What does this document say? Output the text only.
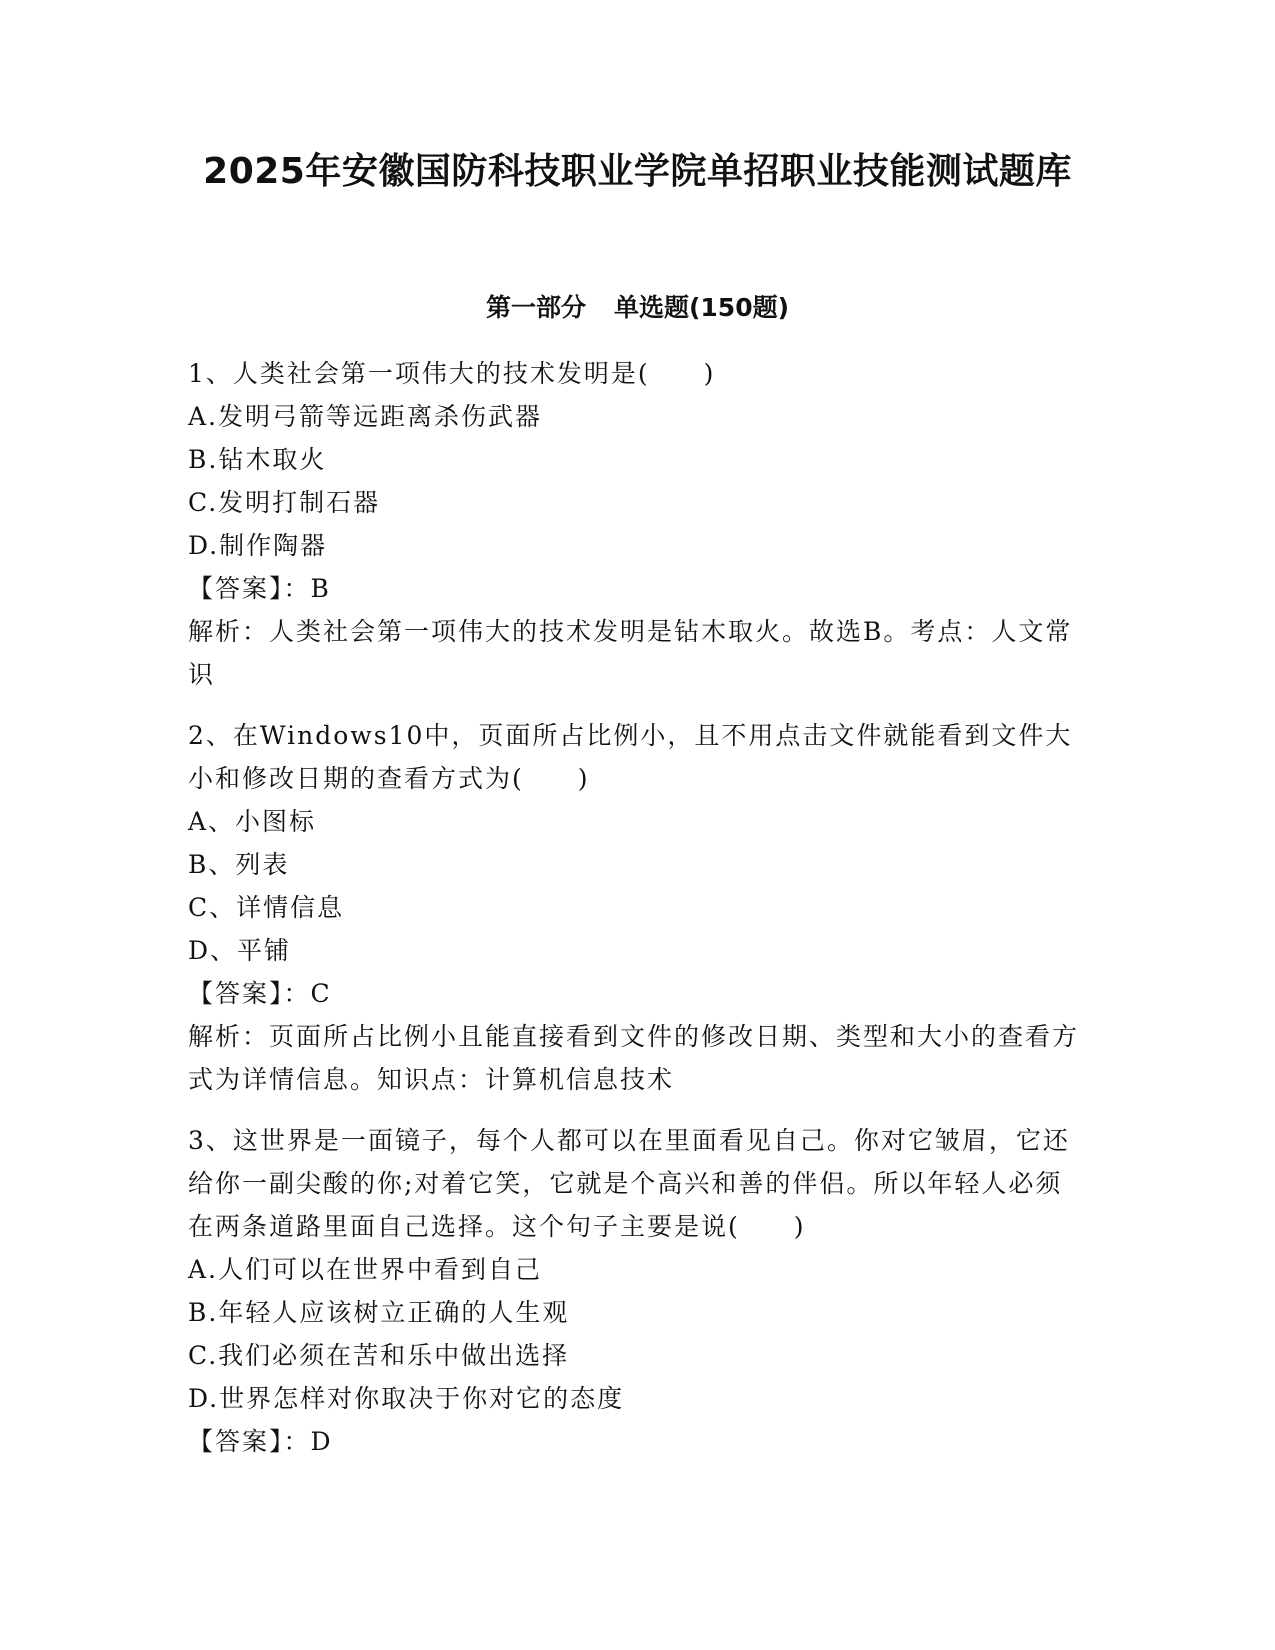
2025年安徽国防科技职业学院单招职业技能测试题库
第一部分 单选题(150题)
1、人类社会第一项伟大的技术发明是(　　)
A.发明弓箭等远距离杀伤武器
B.钻木取火
C.发明打制石器
D.制作陶器
【答案】：B
解析：人类社会第一项伟大的技术发明是钻木取火。故选B。考点：人文常识
2、在Windows10中，页面所占比例小，且不用点击文件就能看到文件大小和修改日期的查看方式为(　　)
A、小图标
B、列表
C、详情信息
D、平铺
【答案】：C
解析：页面所占比例小且能直接看到文件的修改日期、类型和大小的查看方式为详情信息。知识点：计算机信息技术
3、这世界是一面镜子，每个人都可以在里面看见自己。你对它皱眉，它还给你一副尖酸的你;对着它笑，它就是个高兴和善的伴侣。所以年轻人必须在两条道路里面自己选择。这个句子主要是说(　　)
A.人们可以在世界中看到自己
B.年轻人应该树立正确的人生观
C.我们必须在苦和乐中做出选择
D.世界怎样对你取决于你对它的态度
【答案】：D
